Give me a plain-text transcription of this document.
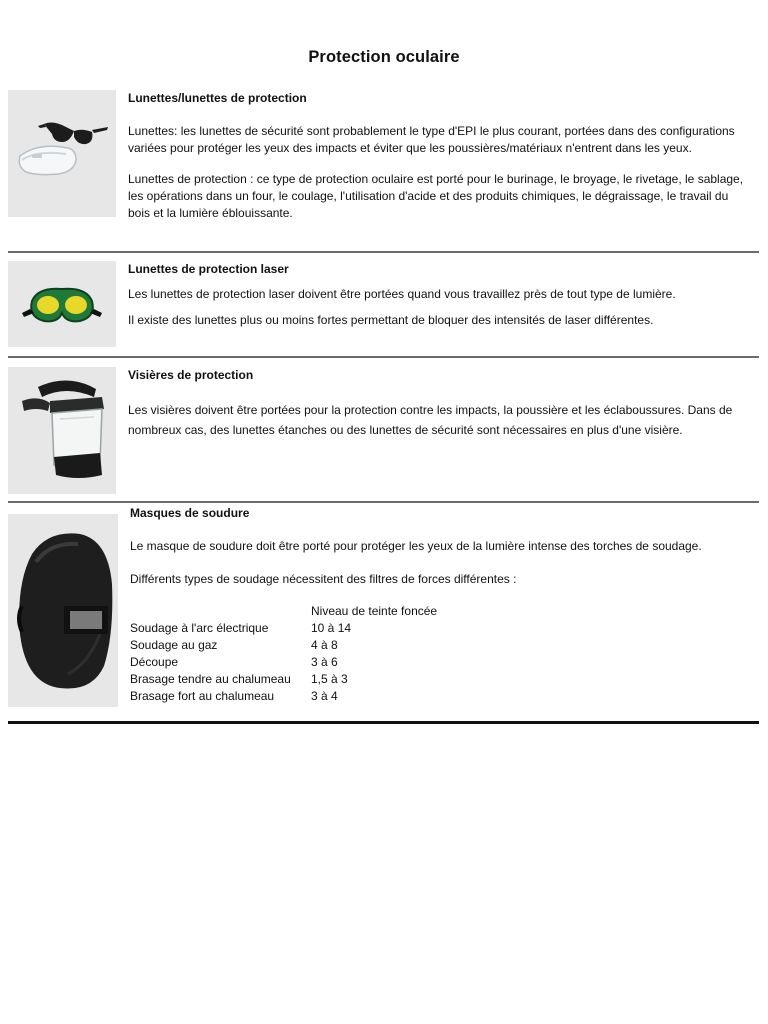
Protection oculaire

Lunettes/lunettes de protection

Lunettes: les lunettes de sécurité sont probablement le type d'EPI le plus courant, portées dans des configurations variées pour protéger les yeux des impacts et éviter que les poussières/matériaux n'entrent dans les yeux.

Lunettes de protection : ce type de protection oculaire est porté pour le burinage, le broyage, le rivetage, le sablage, les opérations dans un four, le coulage, l'utilisation d'acide et des produits chimiques, le dégraissage, le travail du bois et la lumière éblouissante.

Lunettes de protection laser

Les lunettes de protection laser doivent être portées quand vous travaillez près de tout type de lumière.

Il existe des lunettes plus ou moins fortes permettant de bloquer des intensités de laser différentes.

Visières de protection

Les visières doivent être portées pour la protection contre les impacts, la poussière et les éclaboussures. Dans de nombreux cas, des lunettes étanches ou des lunettes de sécurité sont nécessaires en plus d'une visière.

Masques de soudure

Le masque de soudure doit être porté pour protéger les yeux de la lumière intense des torches de soudage.

Différents types de soudage nécessitent des filtres de forces différentes :

	Niveau de teinte foncée
Soudage à l'arc électrique	10 à 14
Soudage au gaz	4 à 8
Découpe	3 à 6
Brasage tendre au chalumeau	1,5 à 3
Brasage fort au chalumeau	3 à 4
